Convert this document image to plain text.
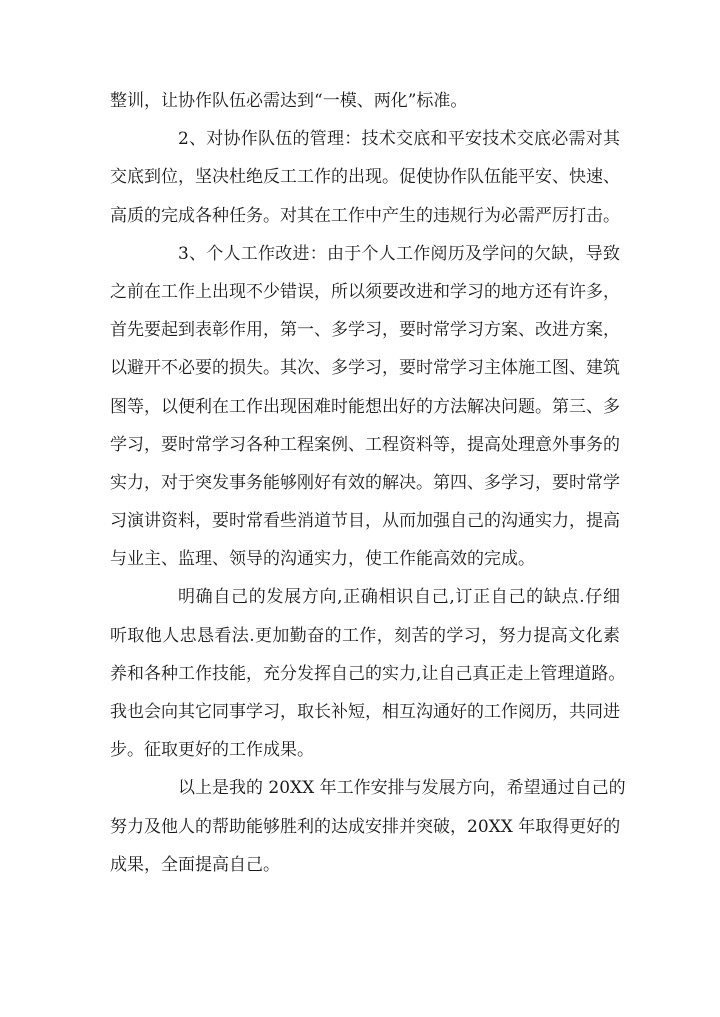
整训，让协作队伍必需达到“一模、两化”标准。
2、对协作队伍的管理：技术交底和平安技术交底必需对其
交底到位，坚决杜绝反工工作的出现。促使协作队伍能平安、快速、
高质的完成各种任务。对其在工作中产生的违规行为必需严厉打击。
3、个人工作改进：由于个人工作阅历及学问的欠缺，导致
之前在工作上出现不少错误，所以须要改进和学习的地方还有许多，
首先要起到表彰作用，第一、多学习，要时常学习方案、改进方案，
以避开不必要的损失。其次、多学习，要时常学习主体施工图、建筑
图等，以便利在工作出现困难时能想出好的方法解决问题。第三、多
学习，要时常学习各种工程案例、工程资料等，提高处理意外事务的
实力，对于突发事务能够刚好有效的解决。第四、多学习，要时常学
习演讲资料，要时常看些消道节目，从而加强自己的沟通实力，提高
与业主、监理、领导的沟通实力，使工作能高效的完成。
明确自己的发展方向,正确相识自己,订正自己的缺点.仔细
听取他人忠恳看法.更加勤奋的工作，刻苦的学习，努力提高文化素
养和各种工作技能，充分发挥自己的实力,让自己真正走上管理道路。
我也会向其它同事学习，取长补短，相互沟通好的工作阅历，共同进
步。征取更好的工作成果。
以上是我的 20XX 年工作安排与发展方向，希望通过自己的
努力及他人的帮助能够胜利的达成安排并突破，20XX 年取得更好的
成果，全面提高自己。
